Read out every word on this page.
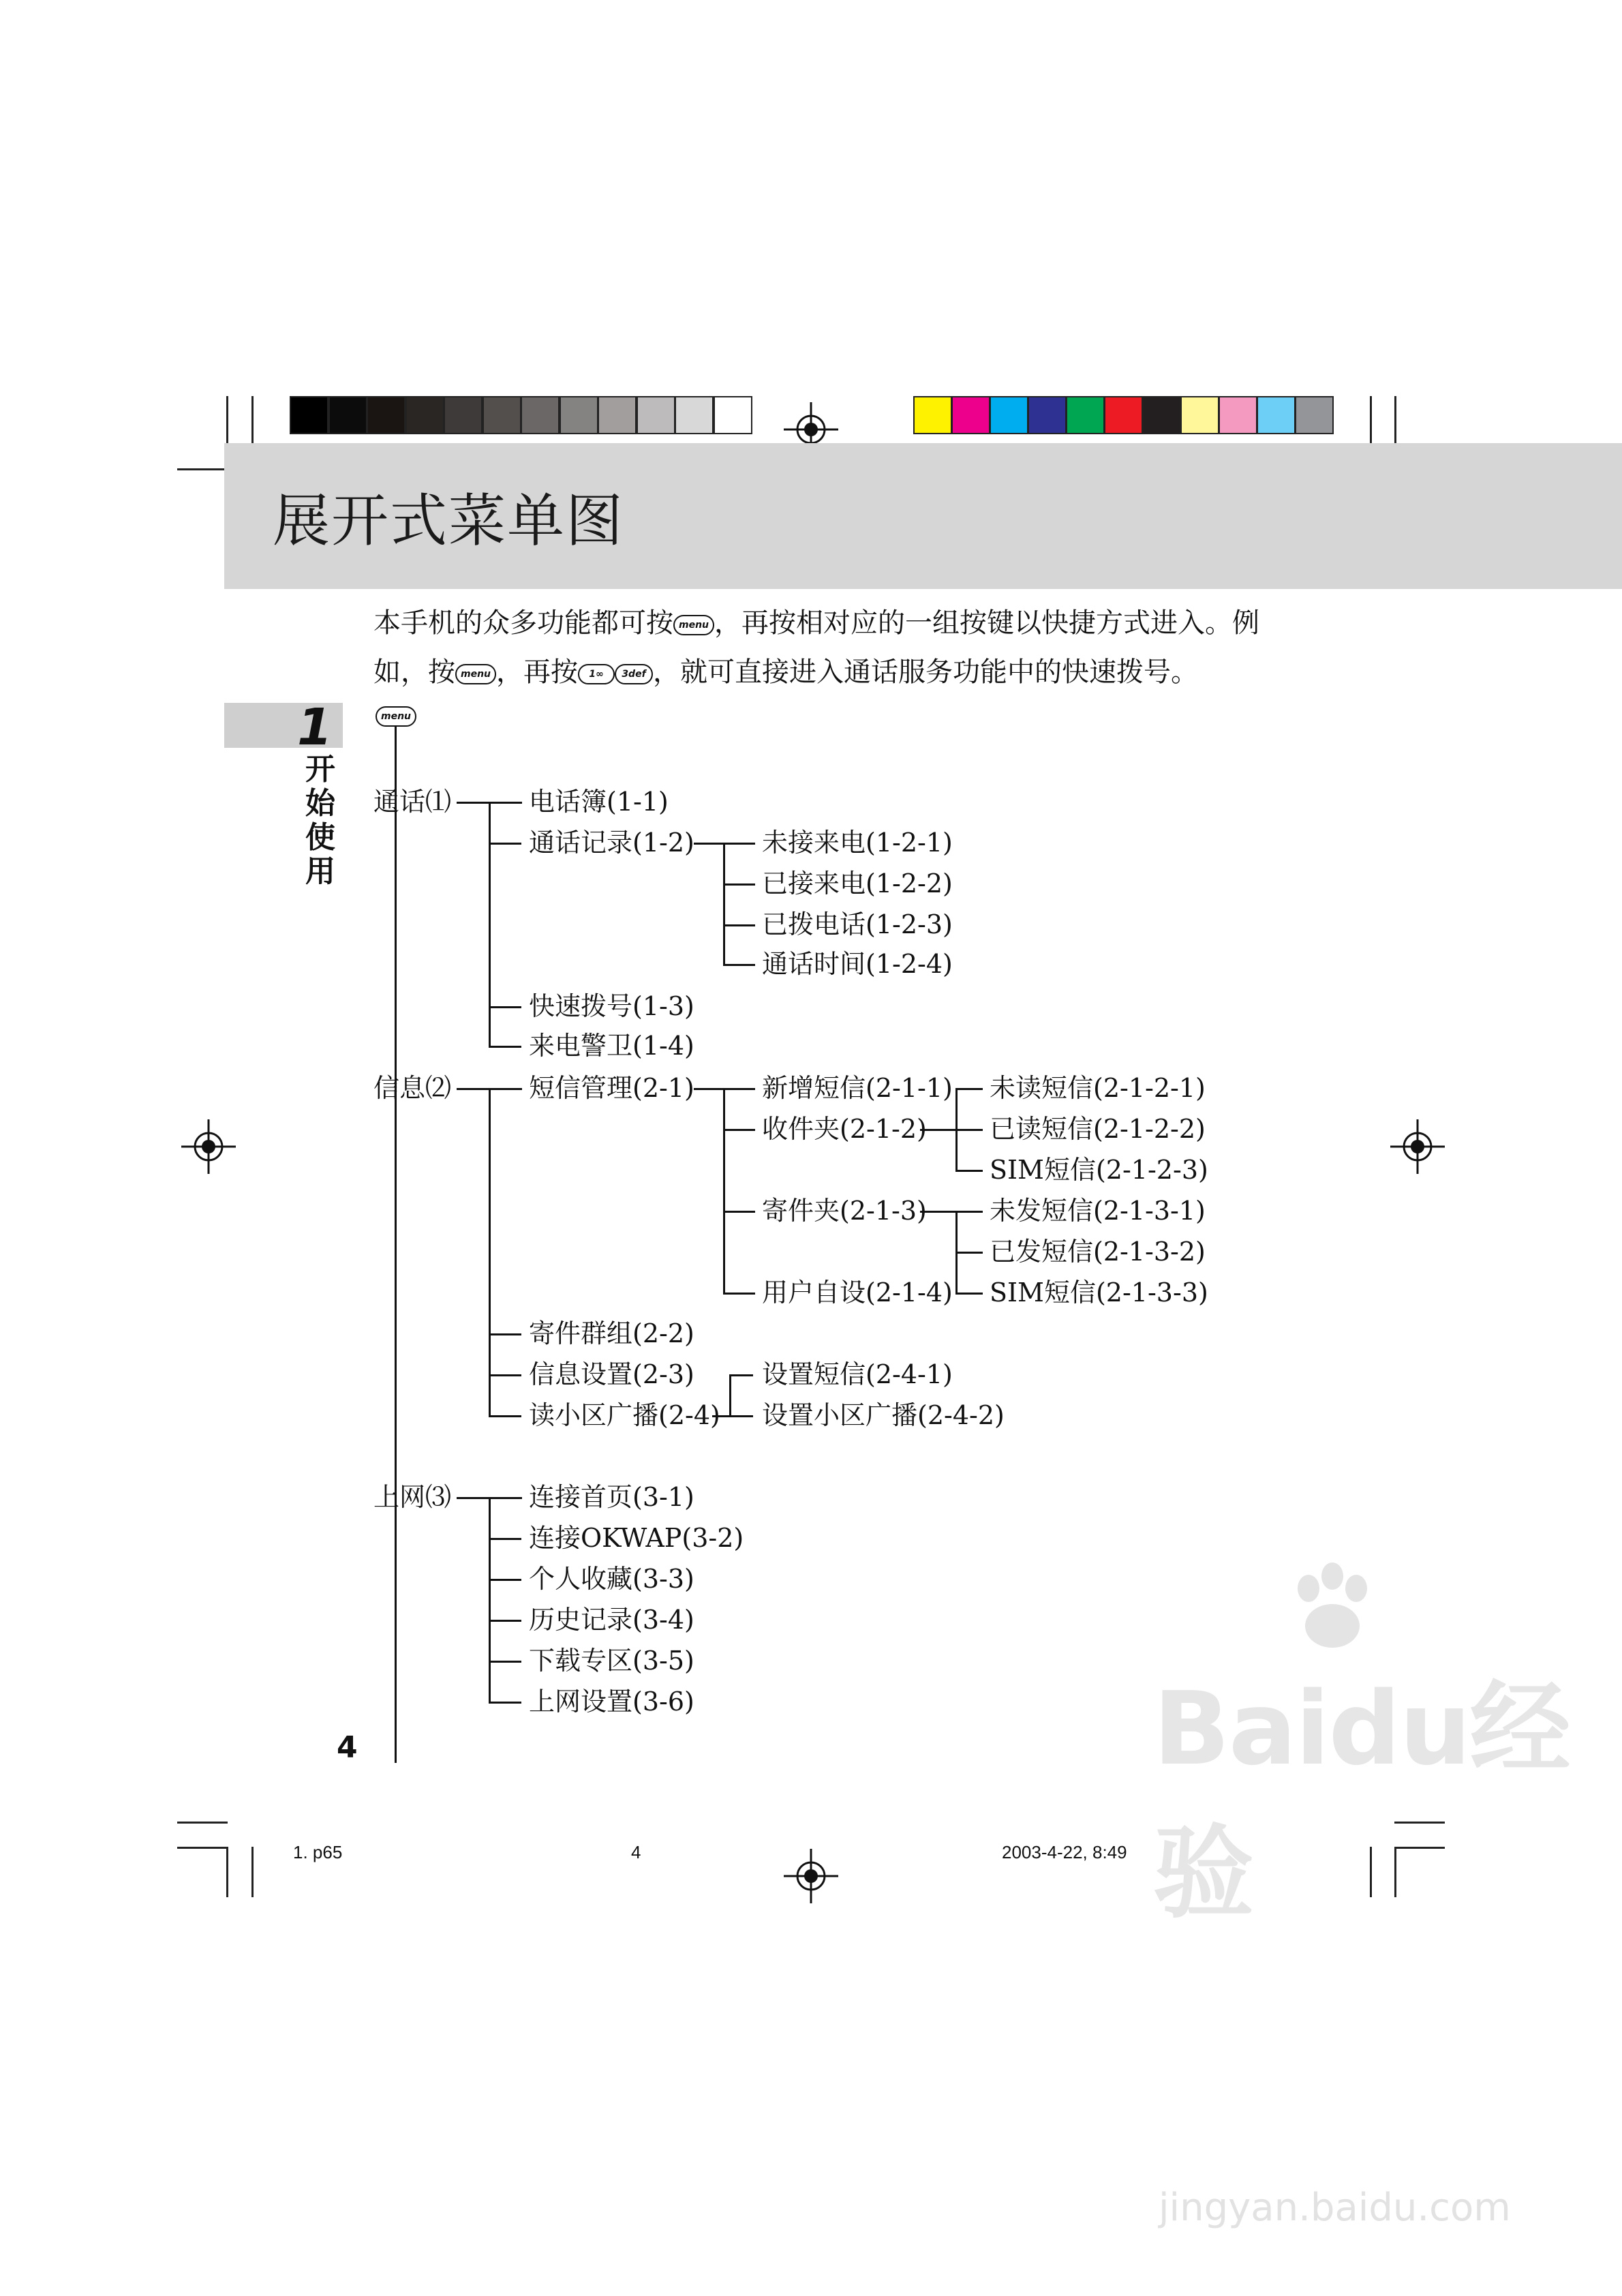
展开式菜单图
本手机的众多功能都可按 menu ，再按相对应的一组按键以快捷方式进入。例
如，按 menu ，再按 1∞ 3def ，就可直接进入通话服务功能中的快速拨号。
1
开始使用
menu
通话⑴	电话簿(1-1)
通话记录(1-2)
快速拨号(1-3)
来电警卫(1-4)
未接来电(1-2-1)
已接来电(1-2-2)
已拨电话(1-2-3)
通话时间(1-2-4)
信息⑵	短信管理(2-1)
寄件群组(2-2)
信息设置(2-3)
读小区广播(2-4)
新增短信(2-1-1)
收件夹(2-1-2)
寄件夹(2-1-3)
用户自设(2-1-4)
未读短信(2-1-2-1)
已读短信(2-1-2-2)
SIM短信(2-1-2-3)
未发短信(2-1-3-1)
已发短信(2-1-3-2)
SIM短信(2-1-3-3)
设置短信(2-4-1)
设置小区广播(2-4-2)
上网⑶	连接首页(3-1)
连接OKWAP(3-2)
个人收藏(3-3)
历史记录(3-4)
下载专区(3-5)
上网设置(3-6)
4
1. p65	4	2003-4-22, 8:49
Baidu经验
jingyan.baidu.com
